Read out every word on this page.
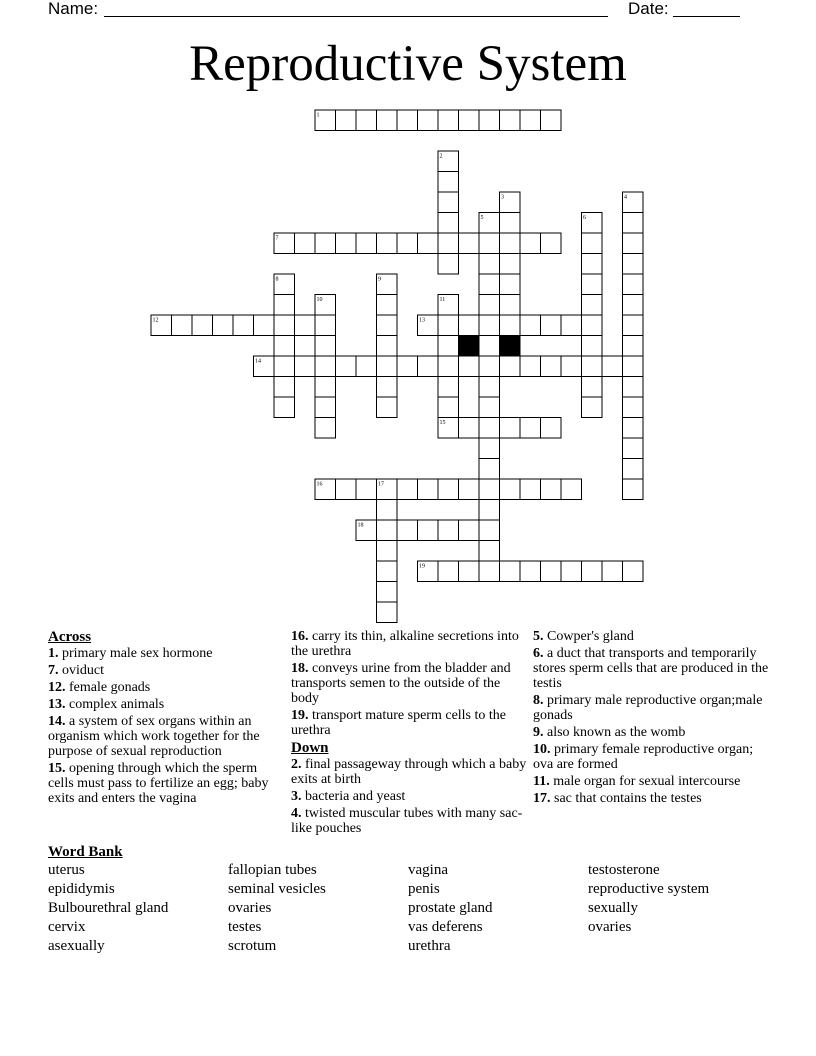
Name:	Date:
Reproductive System
1
2
3	4
5	6
7
8	9
10	11
12	13
14
15
16	17
18
19
Across
1. primary male sex hormone
7. oviduct
12. female gonads
13. complex animals
14. a system of sex organs within an organism which work together for the purpose of sexual reproduction
15. opening through which the sperm cells must pass to fertilize an egg; baby exits and enters the vagina
16. carry its thin, alkaline secretions into the urethra
18. conveys urine from the bladder and transports semen to the outside of the body
19. transport mature sperm cells to the urethra
Down
2. final passageway through which a baby exits at birth
3. bacteria and yeast
4. twisted muscular tubes with many sac-like pouches
5. Cowper's gland
6. a duct that transports and temporarily stores sperm cells that are produced in the testis
8. primary male reproductive organ;male gonads
9. also known as the womb
10. primary female reproductive organ; ova are formed
11. male organ for sexual intercourse
17. sac that contains the testes
Word Bank
uterus	fallopian tubes	vagina	testosterone
epididymis	seminal vesicles	penis	reproductive system
Bulbourethral gland	ovaries	prostate gland	sexually
cervix	testes	vas deferens	ovaries
asexually	scrotum	urethra
